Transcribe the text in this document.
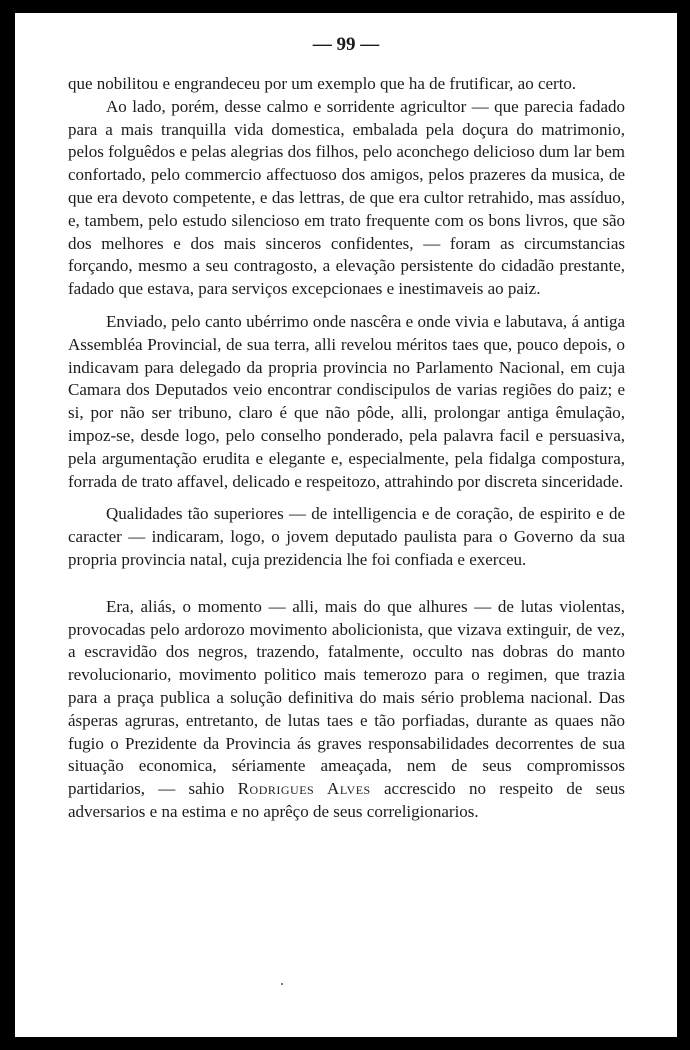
— 99 —

que nobilitou e engrandeceu por um exemplo que ha de frutificar, ao certo.

Ao lado, porém, desse calmo e sorridente agricultor — que parecia fadado para a mais tranquilla vida domestica, embalada pela doçura do matrimonio, pelos folguêdos e pelas alegrias dos filhos, pelo aconchego delicioso dum lar bem confortado, pelo commercio affectuoso dos amigos, pelos prazeres da musica, de que era devoto competente, e das lettras, de que era cultor retrahido, mas assíduo, e, tambem, pelo estudo silencioso em trato frequente com os bons livros, que são dos melhores e dos mais sinceros confidentes, — foram as circumstancias forçando, mesmo a seu contragosto, a elevação persistente do cidadão prestante, fadado que estava, para serviços excepcionaes e inestimaveis ao paiz.

Enviado, pelo canto ubérrimo onde nascêra e onde vivia e labutava, á antiga Assembléa Provincial, de sua terra, alli revelou méritos taes que, pouco depois, o indicavam para delegado da propria provincia no Parlamento Nacional, em cuja Camara dos Deputados veio encontrar condiscipulos de varias regiões do paiz; e si, por não ser tribuno, claro é que não pôde, alli, prolongar antiga êmulação, impoz-se, desde logo, pelo conselho ponderado, pela palavra facil e persuasiva, pela argumentação erudita e elegante e, especialmente, pela fidalga compostura, forrada de trato affavel, delicado e respeitozo, attrahindo por discreta sinceridade.

Qualidades tão superiores — de intelligencia e de coração, de espirito e de caracter — indicaram, logo, o jovem deputado paulista para o Governo da sua propria provincia natal, cuja prezidencia lhe foi confiada e exerceu.

Era, aliás, o momento — alli, mais do que alhures — de lutas violentas, provocadas pelo ardorozo movimento abolicionista, que vizava extinguir, de vez, a escravidão dos negros, trazendo, fatalmente, occulto nas dobras do manto revolucionario, movimento politico mais temerozo para o regimen, que trazia para a praça publica a solução definitiva do mais sério problema nacional. Das ásperas agruras, entretanto, de lutas taes e tão porfiadas, durante as quaes não fugio o Prezidente da Provincia ás graves responsabilidades decorrentes de sua situação economica, sériamente ameaçada, nem de seus compromissos partidarios, — sahio Rodrigues Alves accrescido no respeito de seus adversarios e na estima e no aprêço de seus correligionarios.
